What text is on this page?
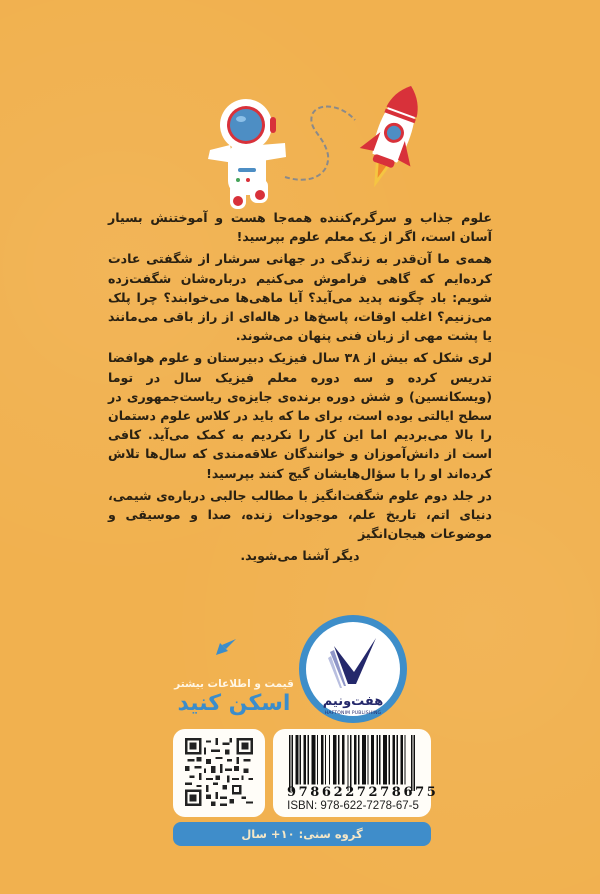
علوم جذاب و سرگرم‌کننده همه‌جا هست و آموختنش بسیار آسان است، اگر از یک معلم علوم بپرسید!

همه‌ی ما آن‌قدر به زندگی در جهانی سرشار از شگفتی عادت کرده‌ایم که گاهی فراموش می‌کنیم درباره‌شان شگفت‌زده شویم: باد چگونه پدید می‌آید؟ آیا ماهی‌ها می‌خوابند؟ چرا پلک می‌زنیم؟ اغلب اوقات، پاسخ‌ها در هاله‌ای از راز باقی می‌مانند یا پشت مهی از زبان فنی پنهان می‌شوند.

لری شکل که بیش از ۳۸ سال فیزیک دبیرستان و علوم هوافضا تدریس کرده و سه دوره معلم فیزیک سال در توما (ویسکانسین) و شش دوره برنده‌ی جایزه‌ی ریاست‌جمهوری در سطح ایالتی بوده است، برای ما که باید در کلاس علوم دستمان را بالا می‌بردیم اما این کار را نکردیم به کمک می‌آید. کافی است از دانش‌آموزان و خوانندگان علاقه‌مندی که سال‌ها تلاش کرده‌اند او را با سؤال‌هایشان گیج کنند بپرسید!

در جلد دوم علوم شگفت‌انگیز با مطالب جالبی درباره‌ی شیمی، دنیای اتم، تاریخ علم، موجودات زنده، صدا و موسیقی و موضوعات هیجان‌انگیز

دیگر آشنا می‌شوید.

قیمت و اطلاعات بیشتر
اسکن کنید	هفت‌ونیم
HAFTONIM PUBLISHING
9786227278675
ISBN: 978-622-7278-67-5
گروه سنی: ۱۰+ سال
